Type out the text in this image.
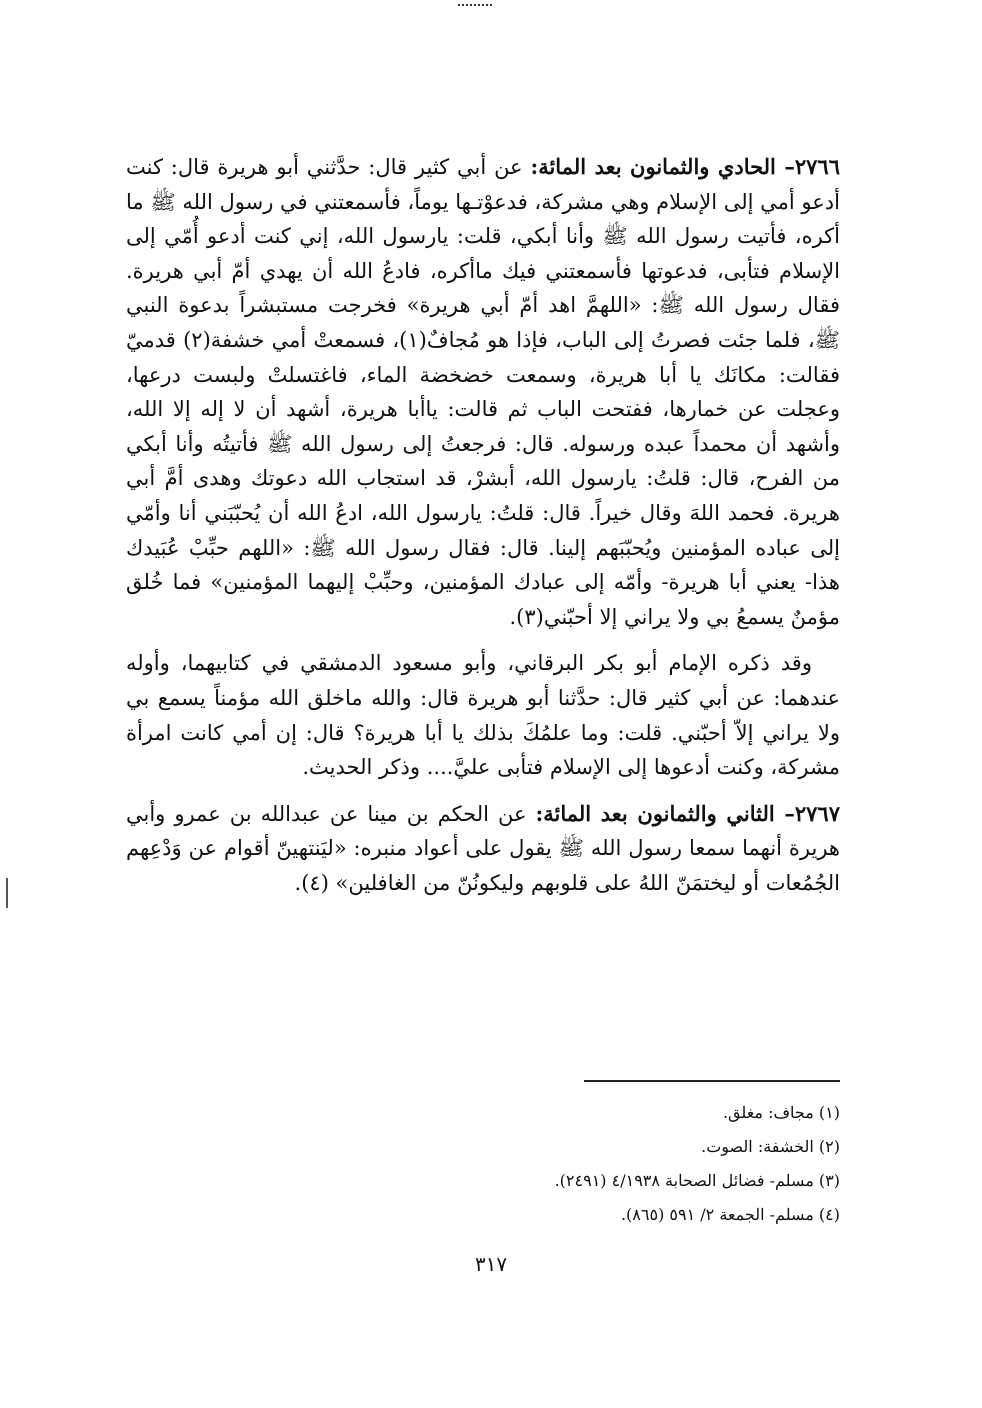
٢٧٦٦– الحادي والثمانون بعد المائة: عن أبي كثير قال: حدَّثني أبو هريرة قال: كنت أدعو أمي إلى الإسلام وهي مشركة، فدعوْتـها يوماً، فأسمعتني في رسول الله ﷺ ما أكره، فأتيت رسول الله ﷺ وأنا أبكي، قلت: يارسول الله، إني كنت أدعو أُمّي إلى الإسلام فتأبى، فدعوتها فأسمعتني فيك ماأكره، فادعُ الله أن يهدي أمّ أبي هريرة. فقال رسول الله ﷺ: «اللهمَّ اهد أمّ أبي هريرة» فخرجت مستبشراً بدعوة النبي ﷺ، فلما جئت فصرتُ إلى الباب، فإذا هو مُجافٌ(١)، فسمعتْ أمي خشفة(٢) قدميّ فقالت: مكانَك يا أبا هريرة، وسمعت خضخضة الماء، فاغتسلتْ ولبست درعها، وعجلت عن خمارها، ففتحت الباب ثم قالت: ياأبا هريرة، أشهد أن لا إله إلا الله، وأشهد أن محمداً عبده ورسوله. قال: فرجعتُ إلى رسول الله ﷺ فأتيتُه وأنا أبكي من الفرح، قال: قلتُ: يارسول الله، أبشرْ، قد استجاب الله دعوتك وهدى أمَّ أبي هريرة. فحمد اللهَ وقال خيراً. قال: قلتُ: يارسول الله، ادعُ الله أن يُحبّبَني أنا وأمّي إلى عباده المؤمنين ويُحبّبَهم إلينا. قال: فقال رسول الله ﷺ: «اللهم حبِّبْ عُبَيدك هذا- يعني أبا هريرة- وأمّه إلى عبادك المؤمنين، وحبِّبْ إليهما المؤمنين» فما خُلق مؤمنٌ يسمعُ بي ولا يراني إلا أحبّني(٣).

وقد ذكره الإمام أبو بكر البرقاني، وأبو مسعود الدمشقي في كتابيهما، وأوله عندهما: عن أبي كثير قال: حدَّثنا أبو هريرة قال: والله ماخلق الله مؤمناً يسمع بي ولا يراني إلاّ أحبّني. قلت: وما علمُكَ بذلك يا أبا هريرة؟ قال: إن أمي كانت امرأة مشركة، وكنت أدعوها إلى الإسلام فتأبى عليَّ.... وذكر الحديث.

٢٧٦٧– الثاني والثمانون بعد المائة: عن الحكم بن مينا عن عبدالله بن عمرو وأبي هريرة أنهما سمعا رسول الله ﷺ يقول على أعواد منبره: «ليَنتهينّ أقوام عن وَدْعِهم الجُمُعات أو ليختمَنّ اللهُ على قلوبهم وليكونُنّ من الغافلين» (٤).

(١) مجاف: مغلق.
(٢) الخشفة: الصوت.
(٣) مسلم- فضائل الصحابة ٤/١٩٣٨ (٢٤٩١).
(٤) مسلم- الجمعة ٢/ ٥٩١ (٨٦٥).
٣١٧
